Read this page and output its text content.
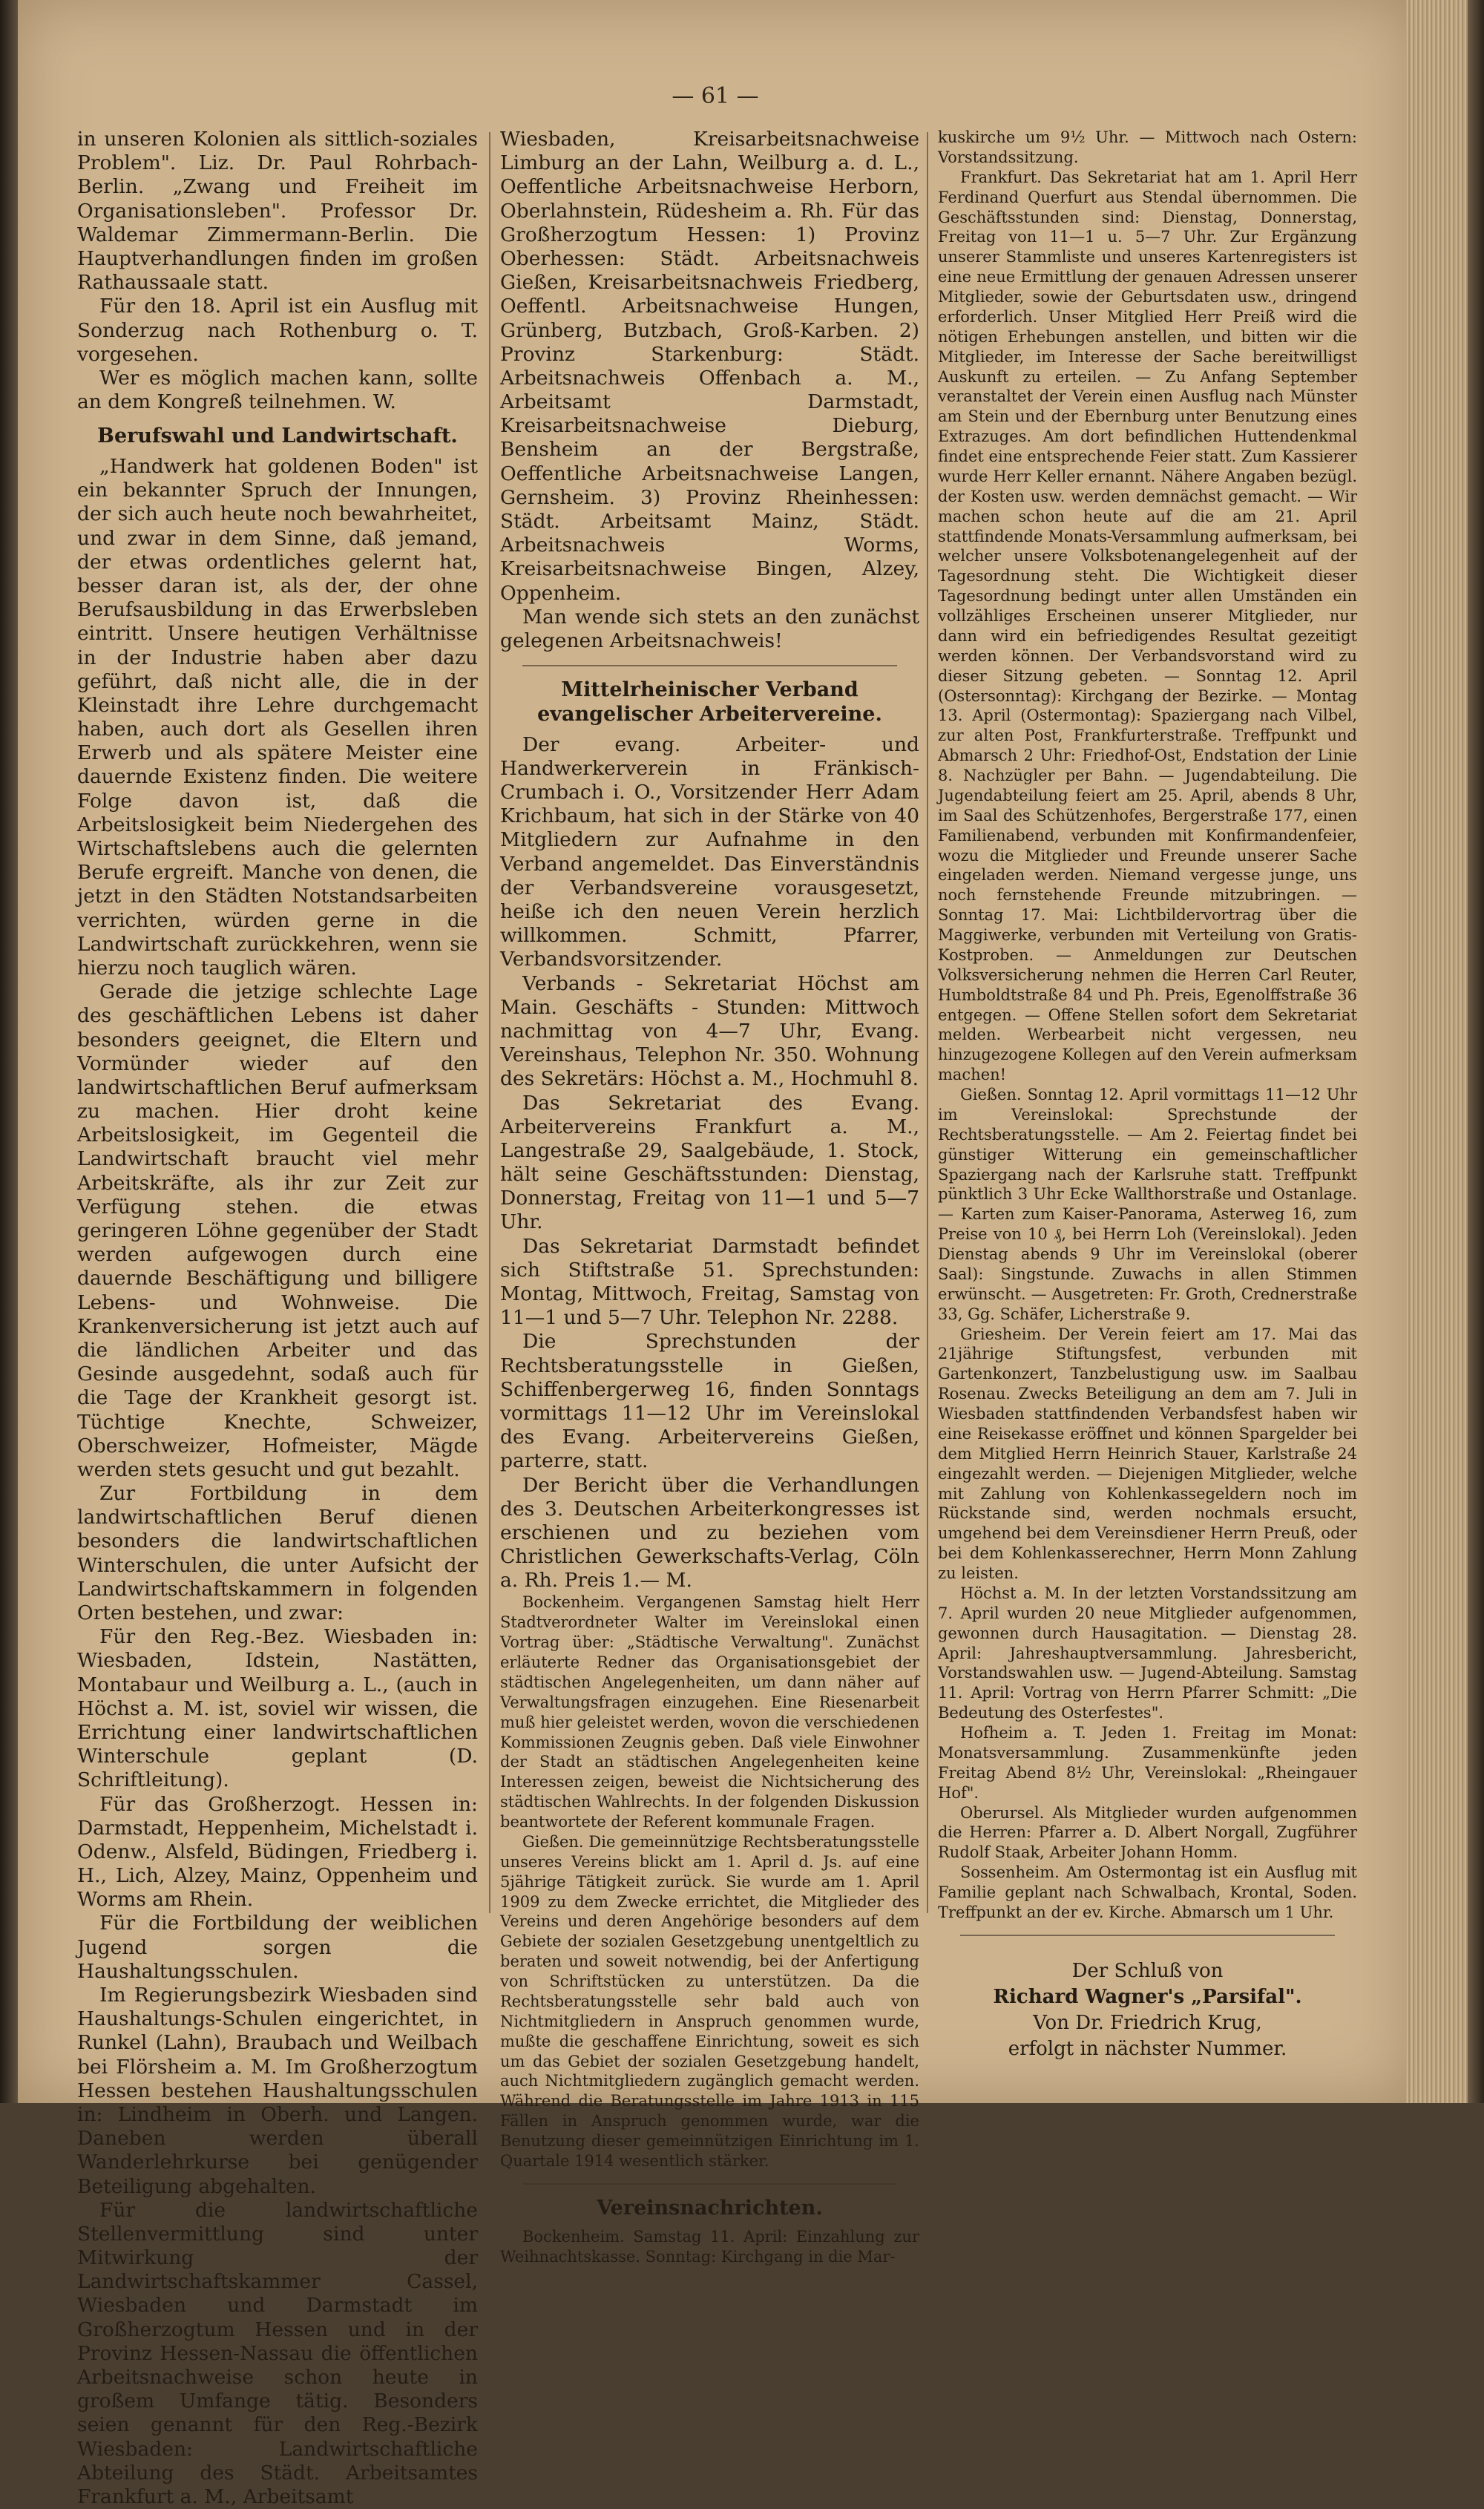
— 61 —

in unseren Kolonien als sittlich-soziales Problem". Liz. Dr. Paul Rohrbach-Berlin. „Zwang und Freiheit im Organisationsleben". Professor Dr. Waldemar Zimmermann-Berlin. Die Hauptverhandlungen finden im großen Rathaussaale statt.

Für den 18. April ist ein Ausflug mit Sonderzug nach Rothenburg o. T. vorgesehen.

Wer es möglich machen kann, sollte an dem Kongreß teilnehmen. W.

Berufswahl und Landwirtschaft.

„Handwerk hat goldenen Boden" ist ein bekannter Spruch der Innungen, der sich auch heute noch bewahrheitet, und zwar in dem Sinne, daß jemand, der etwas ordentliches gelernt hat, besser daran ist, als der, der ohne Berufsausbildung in das Erwerbsleben eintritt. Unsere heutigen Verhältnisse in der Industrie haben aber dazu geführt, daß nicht alle, die in der Kleinstadt ihre Lehre durchgemacht haben, auch dort als Gesellen ihren Erwerb und als spätere Meister eine dauernde Existenz finden. Die weitere Folge davon ist, daß die Arbeitslosigkeit beim Niedergehen des Wirtschaftslebens auch die gelernten Berufe ergreift. Manche von denen, die jetzt in den Städten Notstandsarbeiten verrichten, würden gerne in die Landwirtschaft zurückkehren, wenn sie hierzu noch tauglich wären.

Gerade die jetzige schlechte Lage des geschäftlichen Lebens ist daher besonders geeignet, die Eltern und Vormünder wieder auf den landwirtschaftlichen Beruf aufmerksam zu machen. Hier droht keine Arbeitslosigkeit, im Gegenteil die Landwirtschaft braucht viel mehr Arbeitskräfte, als ihr zur Zeit zur Verfügung stehen. die etwas geringeren Löhne gegenüber der Stadt werden aufgewogen durch eine dauernde Beschäftigung und billigere Lebens- und Wohnweise. Die Krankenversicherung ist jetzt auch auf die ländlichen Arbeiter und das Gesinde ausgedehnt, sodaß auch für die Tage der Krankheit gesorgt ist. Tüchtige Knechte, Schweizer, Oberschweizer, Hofmeister, Mägde werden stets gesucht und gut bezahlt.

Zur Fortbildung in dem landwirtschaftlichen Beruf dienen besonders die landwirtschaftlichen Winterschulen, die unter Aufsicht der Landwirtschaftskammern in folgenden Orten bestehen, und zwar:

Für den Reg.-Bez. Wiesbaden in: Wiesbaden, Idstein, Nastätten, Montabaur und Weilburg a. L., (auch in Höchst a. M. ist, soviel wir wissen, die Errichtung einer landwirtschaftlichen Winterschule geplant (D. Schriftleitung).

Für das Großherzogt. Hessen in: Darmstadt, Heppenheim, Michelstadt i. Odenw., Alsfeld, Büdingen, Friedberg i. H., Lich, Alzey, Mainz, Oppenheim und Worms am Rhein.

Für die Fortbildung der weiblichen Jugend sorgen die Haushaltungsschulen.

Im Regierungsbezirk Wiesbaden sind Haushaltungs-Schulen eingerichtet, in Runkel (Lahn), Braubach und Weilbach bei Flörsheim a. M. Im Großherzogtum Hessen bestehen Haushaltungsschulen in: Lindheim in Oberh. und Langen. Daneben werden überall Wanderlehrkurse bei genügender Beteiligung abgehalten.

Für die landwirtschaftliche Stellenvermittlung sind unter Mitwirkung der Landwirtschaftskammer Cassel, Wiesbaden und Darmstadt im Großherzogtum Hessen und in der Provinz Hessen-Nassau die öffentlichen Arbeitsnachweise schon heute in großem Umfange tätig. Besonders seien genannt für den Reg.-Bezirk Wiesbaden: Landwirtschaftliche Abteilung des Städt. Arbeitsamtes Frankfurt a. M., Arbeitsamt

Wiesbaden, Kreisarbeitsnachweise Limburg an der Lahn, Weilburg a. d. L., Oeffentliche Arbeitsnachweise Herborn, Oberlahnstein, Rüdesheim a. Rh. Für das Großherzogtum Hessen: 1) Provinz Oberhessen: Städt. Arbeitsnachweis Gießen, Kreisarbeitsnachweis Friedberg, Oeffentl. Arbeitsnachweise Hungen, Grünberg, Butzbach, Groß-Karben. 2) Provinz Starkenburg: Städt. Arbeitsnachweis Offenbach a. M., Arbeitsamt Darmstadt, Kreisarbeitsnachweise Dieburg, Bensheim an der Bergstraße, Oeffentliche Arbeitsnachweise Langen, Gernsheim. 3) Provinz Rheinhessen: Städt. Arbeitsamt Mainz, Städt. Arbeitsnachweis Worms, Kreisarbeitsnachweise Bingen, Alzey, Oppenheim.

Man wende sich stets an den zunächst gelegenen Arbeitsnachweis!

Mittelrheinischer Verband evangelischer Arbeitervereine.

Der evang. Arbeiter- und Handwerkerverein in Fränkisch-Crumbach i. O., Vorsitzender Herr Adam Krichbaum, hat sich in der Stärke von 40 Mitgliedern zur Aufnahme in den Verband angemeldet. Das Einverständnis der Verbandsvereine vorausgesetzt, heiße ich den neuen Verein herzlich willkommen. Schmitt, Pfarrer, Verbandsvorsitzender.

Verbands - Sekretariat Höchst am Main. Geschäfts - Stunden: Mittwoch nachmittag von 4—7 Uhr, Evang. Vereinshaus, Telephon Nr. 350. Wohnung des Sekretärs: Höchst a. M., Hochmuhl 8.

Das Sekretariat des Evang. Arbeitervereins Frankfurt a. M., Langestraße 29, Saalgebäude, 1. Stock, hält seine Geschäftsstunden: Dienstag, Donnerstag, Freitag von 11—1 und 5—7 Uhr.

Das Sekretariat Darmstadt befindet sich Stiftstraße 51. Sprechstunden: Montag, Mittwoch, Freitag, Samstag von 11—1 und 5—7 Uhr. Telephon Nr. 2288.

Die Sprechstunden der Rechtsberatungsstelle in Gießen, Schiffenbergerweg 16, finden Sonntags vormittags 11—12 Uhr im Vereinslokal des Evang. Arbeitervereins Gießen, parterre, statt.

Der Bericht über die Verhandlungen des 3. Deutschen Arbeiterkongresses ist erschienen und zu beziehen vom Christlichen Gewerkschafts-Verlag, Cöln a. Rh. Preis 1.— M.

Bockenheim. Vergangenen Samstag hielt Herr Stadtverordneter Walter im Vereinslokal einen Vortrag über: „Städtische Verwaltung". Zunächst erläuterte Redner das Organisationsgebiet der städtischen Angelegenheiten, um dann näher auf Verwaltungsfragen einzugehen. Eine Riesenarbeit muß hier geleistet werden, wovon die verschiedenen Kommissionen Zeugnis geben. Daß viele Einwohner der Stadt an städtischen Angelegenheiten keine Interessen zeigen, beweist die Nichtsicherung des städtischen Wahlrechts. In der folgenden Diskussion beantwortete der Referent kommunale Fragen.

Gießen. Die gemeinnützige Rechtsberatungsstelle unseres Vereins blickt am 1. April d. Js. auf eine 5jährige Tätigkeit zurück. Sie wurde am 1. April 1909 zu dem Zwecke errichtet, die Mitglieder des Vereins und deren Angehörige besonders auf dem Gebiete der sozialen Gesetzgebung unentgeltlich zu beraten und soweit notwendig, bei der Anfertigung von Schriftstücken zu unterstützen. Da die Rechtsberatungsstelle sehr bald auch von Nichtmitgliedern in Anspruch genommen wurde, mußte die geschaffene Einrichtung, soweit es sich um das Gebiet der sozialen Gesetzgebung handelt, auch Nichtmitgliedern zugänglich gemacht werden. Während die Beratungsstelle im Jahre 1913 in 115 Fällen in Anspruch genommen wurde, war die Benutzung dieser gemeinnützigen Einrichtung im 1. Quartale 1914 wesentlich stärker.

Vereinsnachrichten.

Bockenheim. Samstag 11. April: Einzahlung zur Weihnachtskasse. Sonntag: Kirchgang in die Mar-

kuskirche um 9½ Uhr. — Mittwoch nach Ostern: Vorstandssitzung.

Frankfurt. Das Sekretariat hat am 1. April Herr Ferdinand Querfurt aus Stendal übernommen. Die Geschäftsstunden sind: Dienstag, Donnerstag, Freitag von 11—1 u. 5—7 Uhr. Zur Ergänzung unserer Stammliste und unseres Kartenregisters ist eine neue Ermittlung der genauen Adressen unserer Mitglieder, sowie der Geburtsdaten usw., dringend erforderlich. Unser Mitglied Herr Preiß wird die nötigen Erhebungen anstellen, und bitten wir die Mitglieder, im Interesse der Sache bereitwilligst Auskunft zu erteilen. — Zu Anfang September veranstaltet der Verein einen Ausflug nach Münster am Stein und der Ebernburg unter Benutzung eines Extrazuges. Am dort befindlichen Huttendenkmal findet eine entsprechende Feier statt. Zum Kassierer wurde Herr Keller ernannt. Nähere Angaben bezügl. der Kosten usw. werden demnächst gemacht. — Wir machen schon heute auf die am 21. April stattfindende Monats-Versammlung aufmerksam, bei welcher unsere Volksbotenangelegenheit auf der Tagesordnung steht. Die Wichtigkeit dieser Tagesordnung bedingt unter allen Umständen ein vollzähliges Erscheinen unserer Mitglieder, nur dann wird ein befriedigendes Resultat gezeitigt werden können. Der Verbandsvorstand wird zu dieser Sitzung gebeten. — Sonntag 12. April (Ostersonntag): Kirchgang der Bezirke. — Montag 13. April (Ostermontag): Spaziergang nach Vilbel, zur alten Post, Frankfurterstraße. Treffpunkt und Abmarsch 2 Uhr: Friedhof-Ost, Endstation der Linie 8. Nachzügler per Bahn. — Jugendabteilung. Die Jugendabteilung feiert am 25. April, abends 8 Uhr, im Saal des Schützenhofes, Bergerstraße 177, einen Familienabend, verbunden mit Konfirmandenfeier, wozu die Mitglieder und Freunde unserer Sache eingeladen werden. Niemand vergesse junge, uns noch fernstehende Freunde mitzubringen. — Sonntag 17. Mai: Lichtbildervortrag über die Maggiwerke, verbunden mit Verteilung von Gratis-Kostproben. — Anmeldungen zur Deutschen Volksversicherung nehmen die Herren Carl Reuter, Humboldtstraße 84 und Ph. Preis, Egenolffstraße 36 entgegen. — Offene Stellen sofort dem Sekretariat melden. Werbearbeit nicht vergessen, neu hinzugezogene Kollegen auf den Verein aufmerksam machen!

Gießen. Sonntag 12. April vormittags 11—12 Uhr im Vereinslokal: Sprechstunde der Rechtsberatungsstelle. — Am 2. Feiertag findet bei günstiger Witterung ein gemeinschaftlicher Spaziergang nach der Karlsruhe statt. Treffpunkt pünktlich 3 Uhr Ecke Wallthorstraße und Ostanlage. — Karten zum Kaiser-Panorama, Asterweg 16, zum Preise von 10 ₰, bei Herrn Loh (Vereinslokal). Jeden Dienstag abends 9 Uhr im Vereinslokal (oberer Saal): Singstunde. Zuwachs in allen Stimmen erwünscht. — Ausgetreten: Fr. Groth, Crednerstraße 33, Gg. Schäfer, Licherstraße 9.

Griesheim. Der Verein feiert am 17. Mai das 21jährige Stiftungsfest, verbunden mit Gartenkonzert, Tanzbelustigung usw. im Saalbau Rosenau. Zwecks Beteiligung an dem am 7. Juli in Wiesbaden stattfindenden Verbandsfest haben wir eine Reisekasse eröffnet und können Spargelder bei dem Mitglied Herrn Heinrich Stauer, Karlstraße 24 eingezahlt werden. — Diejenigen Mitglieder, welche mit Zahlung von Kohlenkassegeldern noch im Rückstande sind, werden nochmals ersucht, umgehend bei dem Vereinsdiener Herrn Preuß, oder bei dem Kohlenkasserechner, Herrn Monn Zahlung zu leisten.

Höchst a. M. In der letzten Vorstandssitzung am 7. April wurden 20 neue Mitglieder aufgenommen, gewonnen durch Hausagitation. — Dienstag 28. April: Jahreshauptversammlung. Jahresbericht, Vorstandswahlen usw. — Jugend-Abteilung. Samstag 11. April: Vortrag von Herrn Pfarrer Schmitt: „Die Bedeutung des Osterfestes".

Hofheim a. T. Jeden 1. Freitag im Monat: Monatsversammlung. Zusammenkünfte jeden Freitag Abend 8½ Uhr, Vereinslokal: „Rheingauer Hof".

Oberursel. Als Mitglieder wurden aufgenommen die Herren: Pfarrer a. D. Albert Norgall, Zugführer Rudolf Staak, Arbeiter Johann Homm.

Sossenheim. Am Ostermontag ist ein Ausflug mit Familie geplant nach Schwalbach, Krontal, Soden. Treffpunkt an der ev. Kirche. Abmarsch um 1 Uhr.

Der Schluß von
Richard Wagner's „Parsifal".
Von Dr. Friedrich Krug,
erfolgt in nächster Nummer.
